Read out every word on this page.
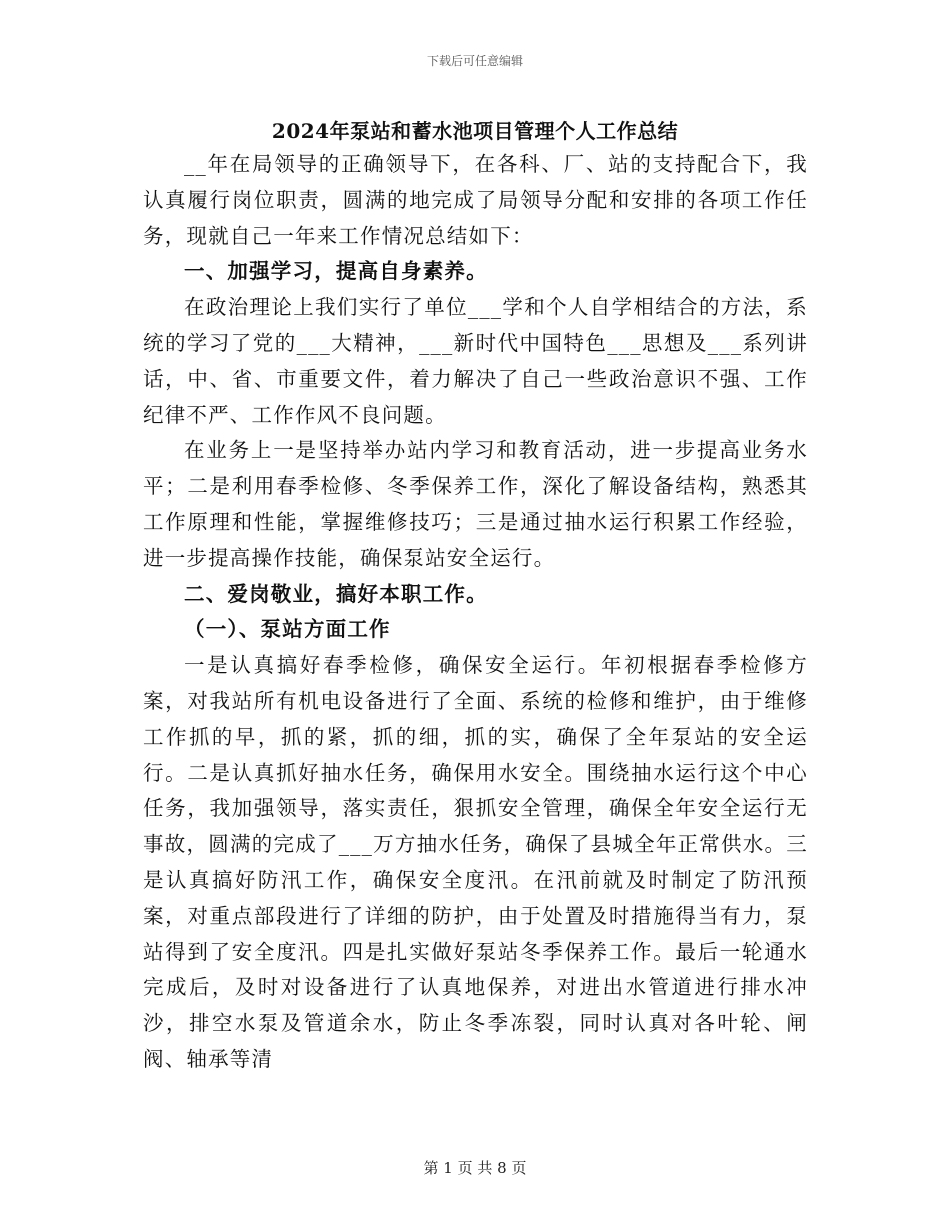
下载后可任意编辑
2024年泵站和蓄水池项目管理个人工作总结

__年在局领导的正确领导下，在各科、厂、站的支持配合下，我认真履行岗位职责，圆满的地完成了局领导分配和安排的各项工作任务，现就自己一年来工作情况总结如下：

一、加强学习，提高自身素养。

在政治理论上我们实行了单位___学和个人自学相结合的方法，系统的学习了党的___大精神，___新时代中国特色___思想及___系列讲话，中、省、市重要文件，着力解决了自己一些政治意识不强、工作纪律不严、工作作风不良问题。

在业务上一是坚持举办站内学习和教育活动，进一步提高业务水平；二是利用春季检修、冬季保养工作，深化了解设备结构，熟悉其工作原理和性能，掌握维修技巧；三是通过抽水运行积累工作经验，进一步提高操作技能，确保泵站安全运行。

二、爱岗敬业，搞好本职工作。

（一）、泵站方面工作

一是认真搞好春季检修，确保安全运行。年初根据春季检修方案，对我站所有机电设备进行了全面、系统的检修和维护，由于维修工作抓的早，抓的紧，抓的细，抓的实，确保了全年泵站的安全运行。二是认真抓好抽水任务，确保用水安全。围绕抽水运行这个中心任务，我加强领导，落实责任，狠抓安全管理，确保全年安全运行无事故，圆满的完成了___万方抽水任务，确保了县城全年正常供水。三是认真搞好防汛工作，确保安全度汛。在汛前就及时制定了防汛预案，对重点部段进行了详细的防护，由于处置及时措施得当有力，泵站得到了安全度汛。四是扎实做好泵站冬季保养工作。最后一轮通水完成后，及时对设备进行了认真地保养，对进出水管道进行排水冲沙，排空水泵及管道余水，防止冬季冻裂，同时认真对各叶轮、闸阀、轴承等清

第 1 页 共 8 页
